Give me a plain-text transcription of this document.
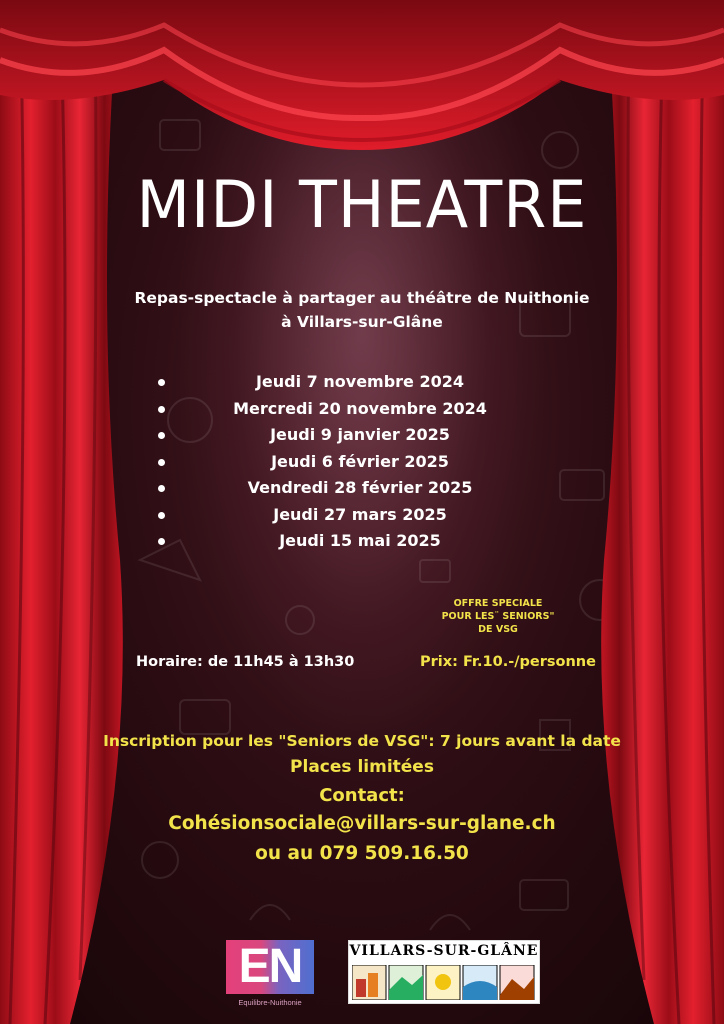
MIDI THEATRE
Repas-spectacle à partager au théâtre de Nuithonie
à Villars-sur-Glâne
Jeudi 7 novembre 2024
Mercredi 20 novembre 2024
Jeudi 9 janvier 2025
Jeudi 6 février 2025
Vendredi 28 février 2025
Jeudi 27 mars 2025
Jeudi 15 mai 2025
OFFRE SPECIALE
POUR LES¨ SENIORS"
DE VSG
Horaire: de 11h45 à 13h30	Prix: Fr.10.-/personne
Inscription pour les "Seniors de VSG": 7 jours avant la date
Places limitées
Contact:
Cohésionsociale@villars-sur-glane.ch
ou au 079 509.16.50
EN
Equilibre-Nuithonie
VILLARS-SUR-GLÂNE
